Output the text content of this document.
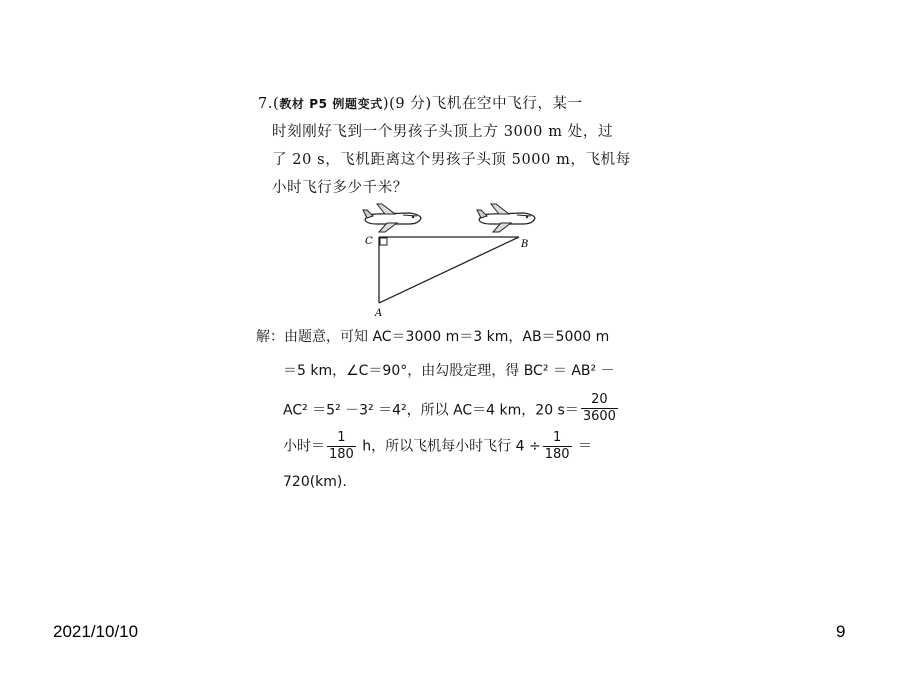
7.(教材 P5 例题变式)(9 分)飞机在空中飞行，某一
时刻刚好飞到一个男孩子头顶上方 3000 m 处，过
了 20 s，飞机距离这个男孩子头顶 5000 m，飞机每
小时飞行多少千米？
C	B
A
解：由题意，可知 AC＝3000 m＝3 km，AB＝5000 m
＝5 km，∠C＝90°，由勾股定理，得 BC² ＝ AB² －
AC² ＝5² －3² ＝4²，所以 AC＝4 km，20 $s= \frac{20}{3600}$
小时＝ $\frac{1}{180}$ h，所以飞机每小时飞行 $4 \div \frac{1}{180}$ ＝
720(km).
2021/10/10	9
